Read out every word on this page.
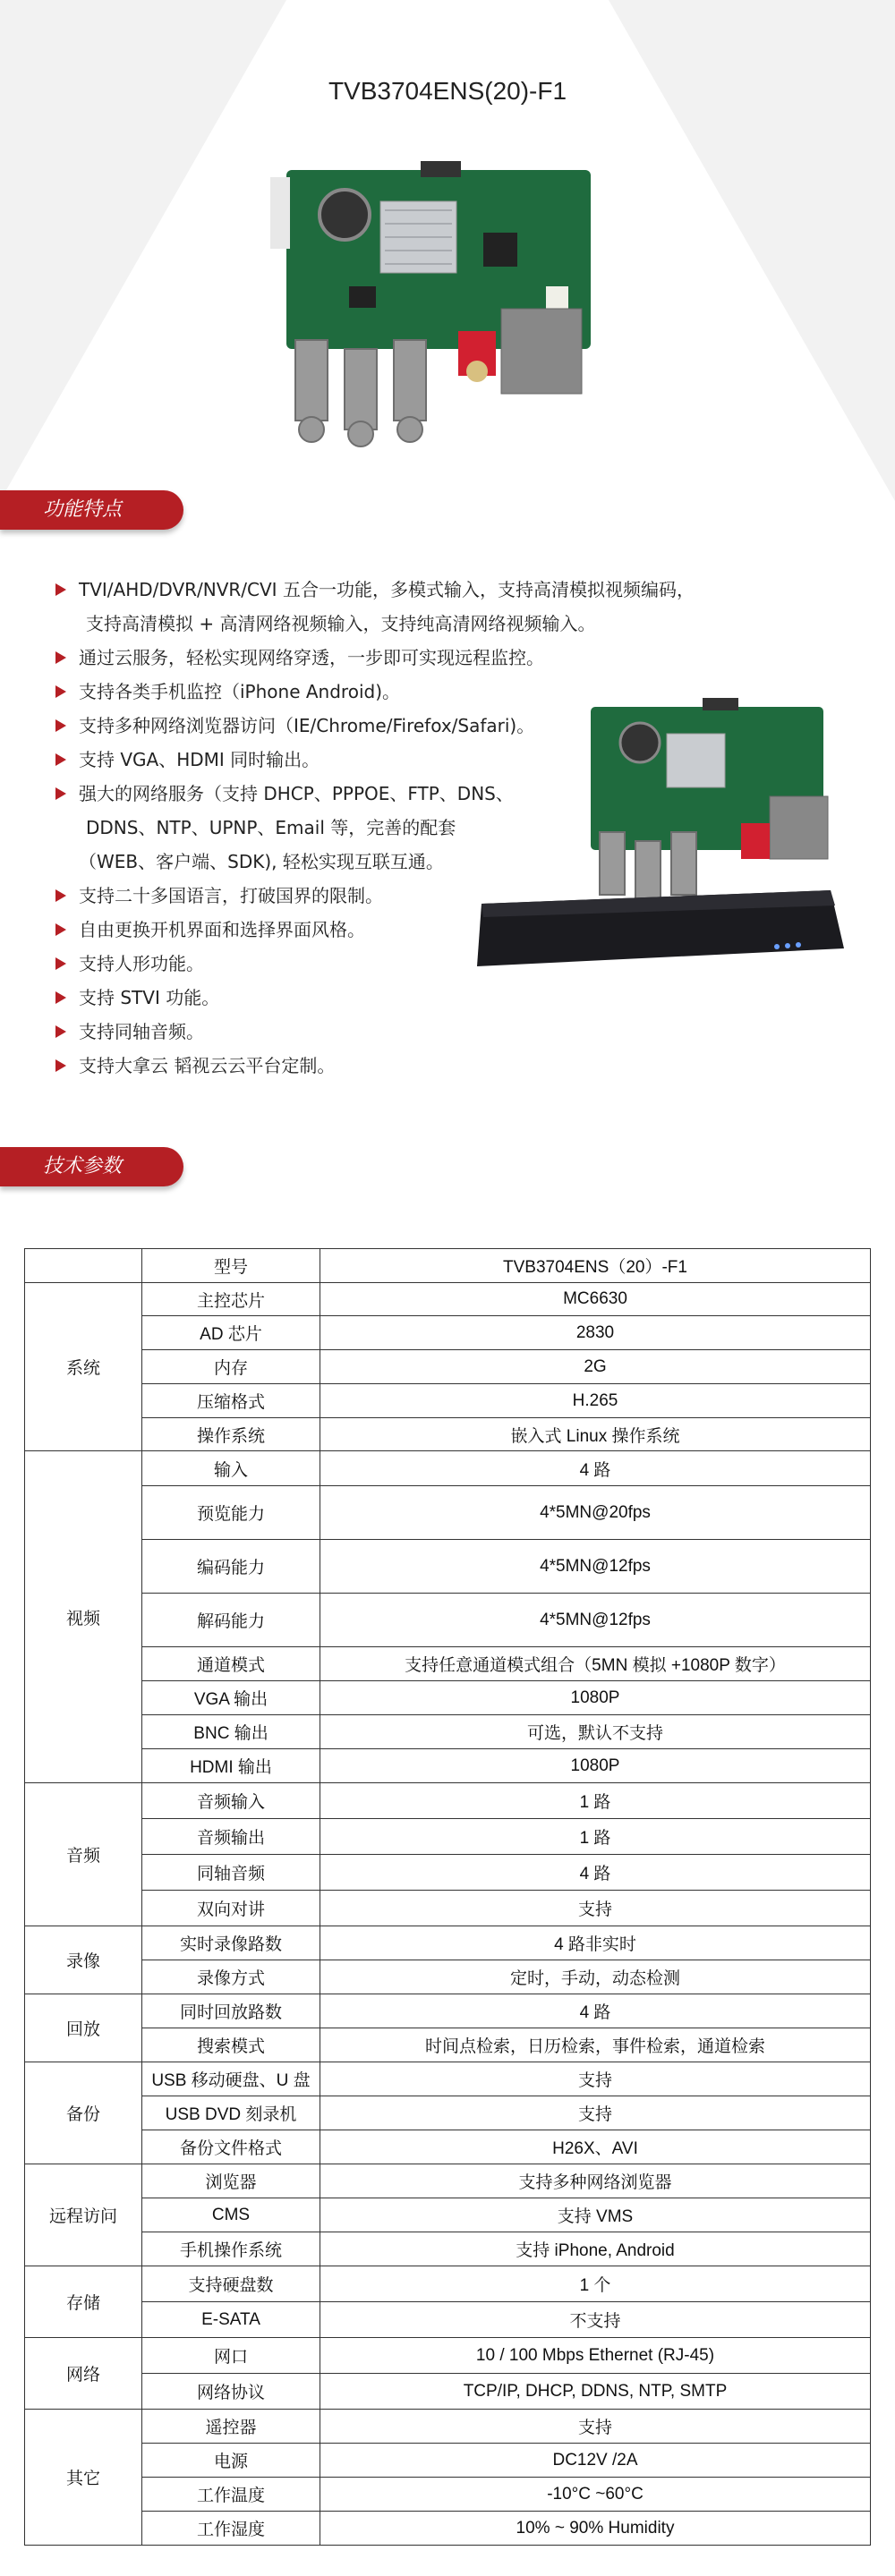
TVB3704ENS(20)-F1
功能特点
TVI/AHD/DVR/NVR/CVI 五合一功能，多模式输入，支持高清模拟视频编码，
支持高清模拟 + 高清网络视频输入，支持纯高清网络视频输入。
通过云服务，轻松实现网络穿透，一步即可实现远程监控。
支持各类手机监控（iPhone Android)。
支持多种网络浏览器访问（IE/Chrome/Firefox/Safari)。
支持 VGA、HDMI 同时输出。
强大的网络服务（支持 DHCP、PPPOE、FTP、DNS、
DDNS、NTP、UPNP、Email 等，完善的配套
（WEB、客户端、SDK), 轻松实现互联互通。
支持二十多国语言，打破国界的限制。
自由更换开机界面和选择界面风格。
支持人形功能。
支持 STVI 功能。
支持同轴音频。
支持大拿云 韬视云云平台定制。
技术参数
	型号	TVB3704ENS（20）-F1
系统	主控芯片	MC6630
	AD 芯片	2830
	内存	2G
	压缩格式	H.265
	操作系统	嵌入式 Linux 操作系统
视频	输入	4 路
	预览能力	4*5MN@20fps
	编码能力	4*5MN@12fps
	解码能力	4*5MN@12fps
	通道模式	支持任意通道模式组合（5MN 模拟 +1080P 数字）
	VGA 输出	1080P
	BNC 输出	可选，默认不支持
	HDMI 输出	1080P
音频	音频输入	1 路
	音频输出	1 路
	同轴音频	4 路
	双向对讲	支持
录像	实时录像路数	4 路非实时
	录像方式	定时，手动，动态检测
回放	同时回放路数	4 路
	搜索模式	时间点检索，日历检索，事件检索，通道检索
备份	USB 移动硬盘、U 盘	支持
	USB DVD 刻录机	支持
	备份文件格式	H26X、AVI
远程访问	浏览器	支持多种网络浏览器
	CMS	支持 VMS
	手机操作系统	支持 iPhone, Android
存储	支持硬盘数	1 个
	E-SATA	不支持
网络	网口	10 / 100 Mbps Ethernet (RJ-45)
	网络协议	TCP/IP, DHCP, DDNS, NTP, SMTP
其它	遥控器	支持
	电源	DC12V /2A
	工作温度	-10°C ~60°C
	工作湿度	10% ~ 90% Humidity
